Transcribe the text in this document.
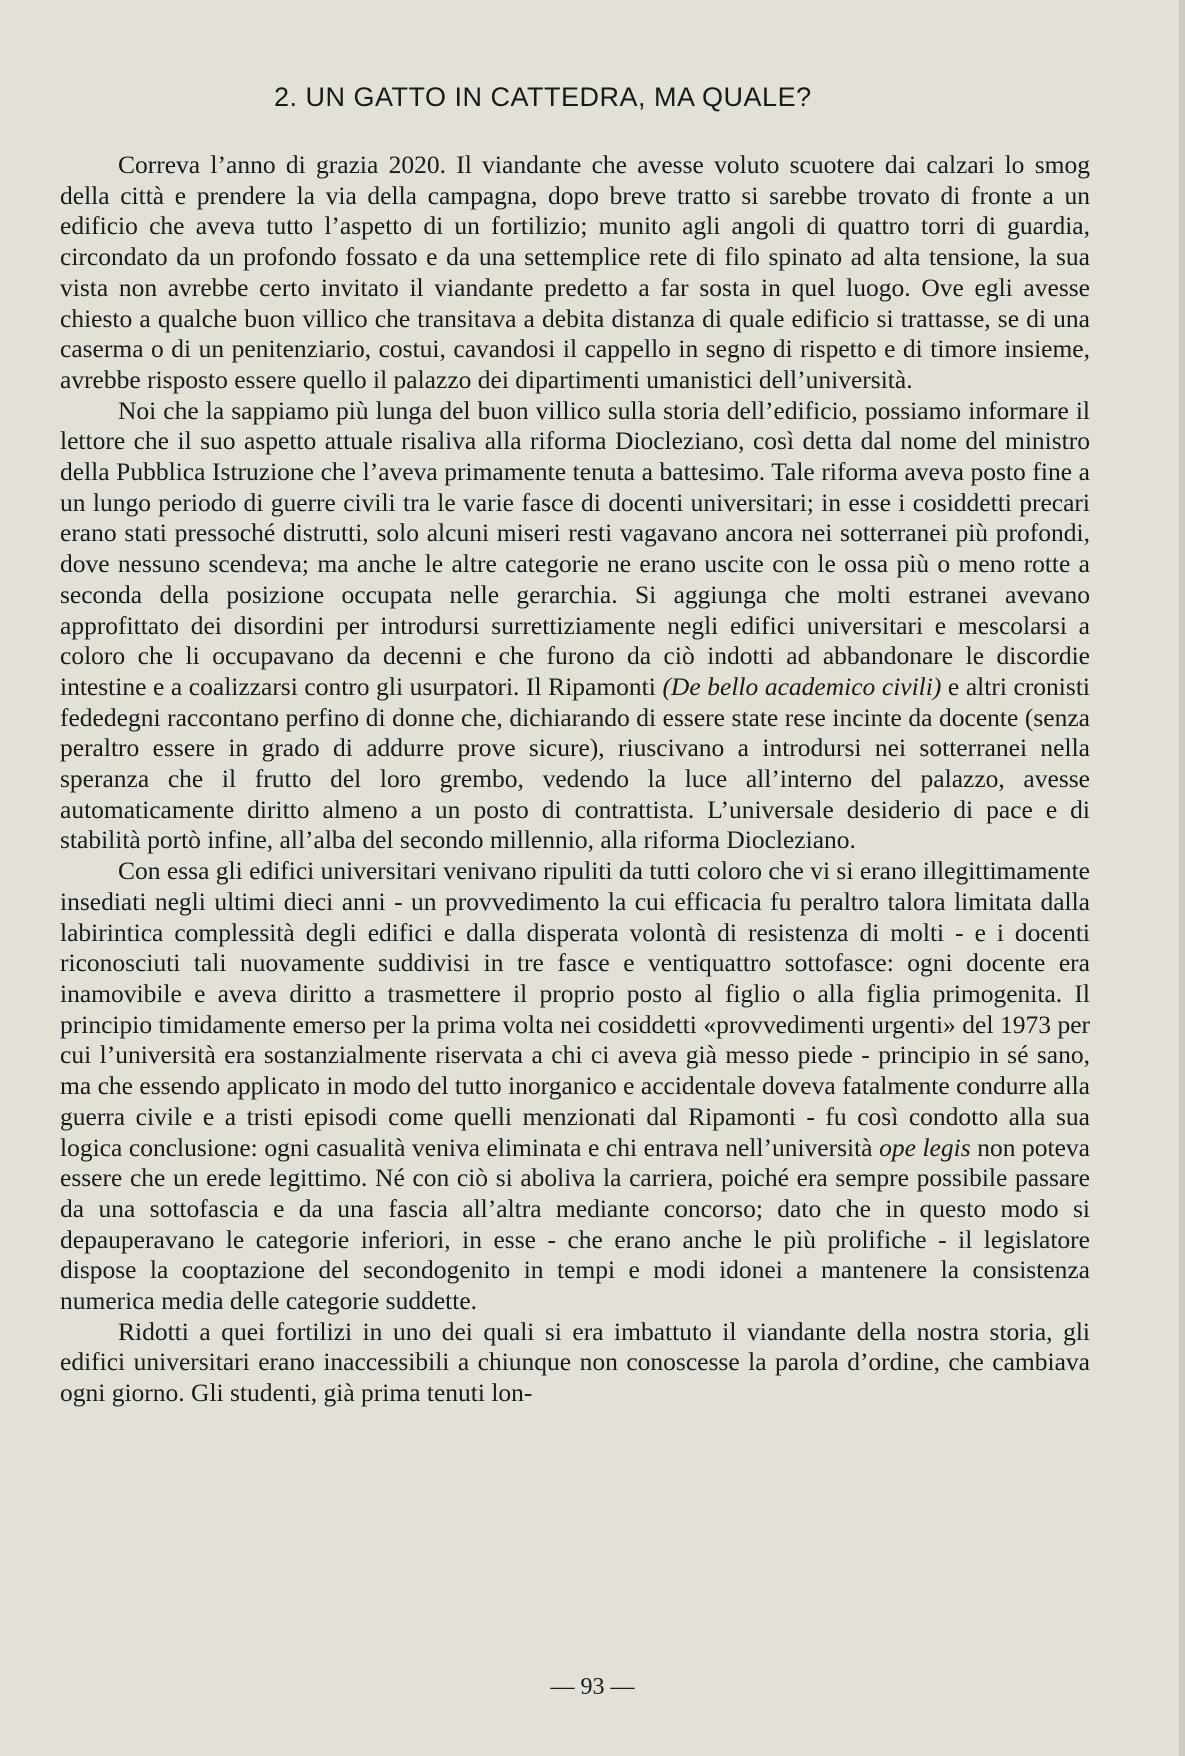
2. UN GATTO IN CATTEDRA, MA QUALE?

Correva l’anno di grazia 2020. Il viandante che avesse voluto scuotere dai calzari lo smog della città e prendere la via della campagna, dopo breve tratto si sarebbe trovato di fronte a un edificio che aveva tutto l’aspetto di un fortilizio; munito agli angoli di quattro torri di guardia, circondato da un profondo fossato e da una settemplice rete di filo spinato ad alta tensione, la sua vista non avrebbe certo invitato il viandante predetto a far sosta in quel luogo. Ove egli avesse chiesto a qualche buon villico che transitava a debita distanza di quale edificio si trattasse, se di una caserma o di un penitenziario, costui, cavandosi il cappello in segno di rispetto e di timore insieme, avrebbe risposto essere quello il palazzo dei dipartimenti umanistici dell’università.

Noi che la sappiamo più lunga del buon villico sulla storia dell’edificio, possiamo informare il lettore che il suo aspetto attuale risaliva alla riforma Diocleziano, così detta dal nome del ministro della Pubblica Istruzione che l’aveva primamente tenuta a battesimo. Tale riforma aveva posto fine a un lungo periodo di guerre civili tra le varie fasce di docenti universitari; in esse i cosiddetti precari erano stati pressoché distrutti, solo alcuni miseri resti vagavano ancora nei sotterranei più profondi, dove nessuno scendeva; ma anche le altre categorie ne erano uscite con le ossa più o meno rotte a seconda della posizione occupata nelle gerarchia. Si aggiunga che molti estranei avevano approfittato dei disordini per introdursi surrettiziamente negli edifici universitari e mescolarsi a coloro che li occupavano da decenni e che furono da ciò indotti ad abbandonare le discordie intestine e a coalizzarsi contro gli usurpatori. Il Ripamonti (De bello academico civili) e altri cronisti fededegni raccontano perfino di donne che, dichiarando di essere state rese incinte da docente (senza peraltro essere in grado di addurre prove sicure), riuscivano a introdursi nei sotterranei nella speranza che il frutto del loro grembo, vedendo la luce all’interno del palazzo, avesse automaticamente diritto almeno a un posto di contrattista. L’universale desiderio di pace e di stabilità portò infine, all’alba del secondo millennio, alla riforma Diocleziano.

Con essa gli edifici universitari venivano ripuliti da tutti coloro che vi si erano illegittimamente insediati negli ultimi dieci anni - un provvedimento la cui efficacia fu peraltro talora limitata dalla labirintica complessità degli edifici e dalla disperata volontà di resistenza di molti - e i docenti riconosciuti tali nuovamente suddivisi in tre fasce e ventiquattro sottofasce: ogni docente era inamovibile e aveva diritto a trasmettere il proprio posto al figlio o alla figlia primogenita. Il principio timidamente emerso per la prima volta nei cosiddetti «provvedimenti urgenti» del 1973 per cui l’università era sostanzialmente riservata a chi ci aveva già messo piede - principio in sé sano, ma che essendo applicato in modo del tutto inorganico e accidentale doveva fatalmente condurre alla guerra civile e a tristi episodi come quelli menzionati dal Ripamonti - fu così condotto alla sua logica conclusione: ogni casualità veniva eliminata e chi entrava nell’università ope legis non poteva essere che un erede legittimo. Né con ciò si aboliva la carriera, poiché era sempre possibile passare da una sottofascia e da una fascia all’altra mediante concorso; dato che in questo modo si depauperavano le categorie inferiori, in esse - che erano anche le più prolifiche - il legislatore dispose la cooptazione del secondogenito in tempi e modi idonei a mantenere la consistenza numerica media delle categorie suddette.

Ridotti a quei fortilizi in uno dei quali si era imbattuto il viandante della nostra storia, gli edifici universitari erano inaccessibili a chiunque non conoscesse la parola d’ordine, che cambiava ogni giorno. Gli studenti, già prima tenuti lon-

— 93 —
